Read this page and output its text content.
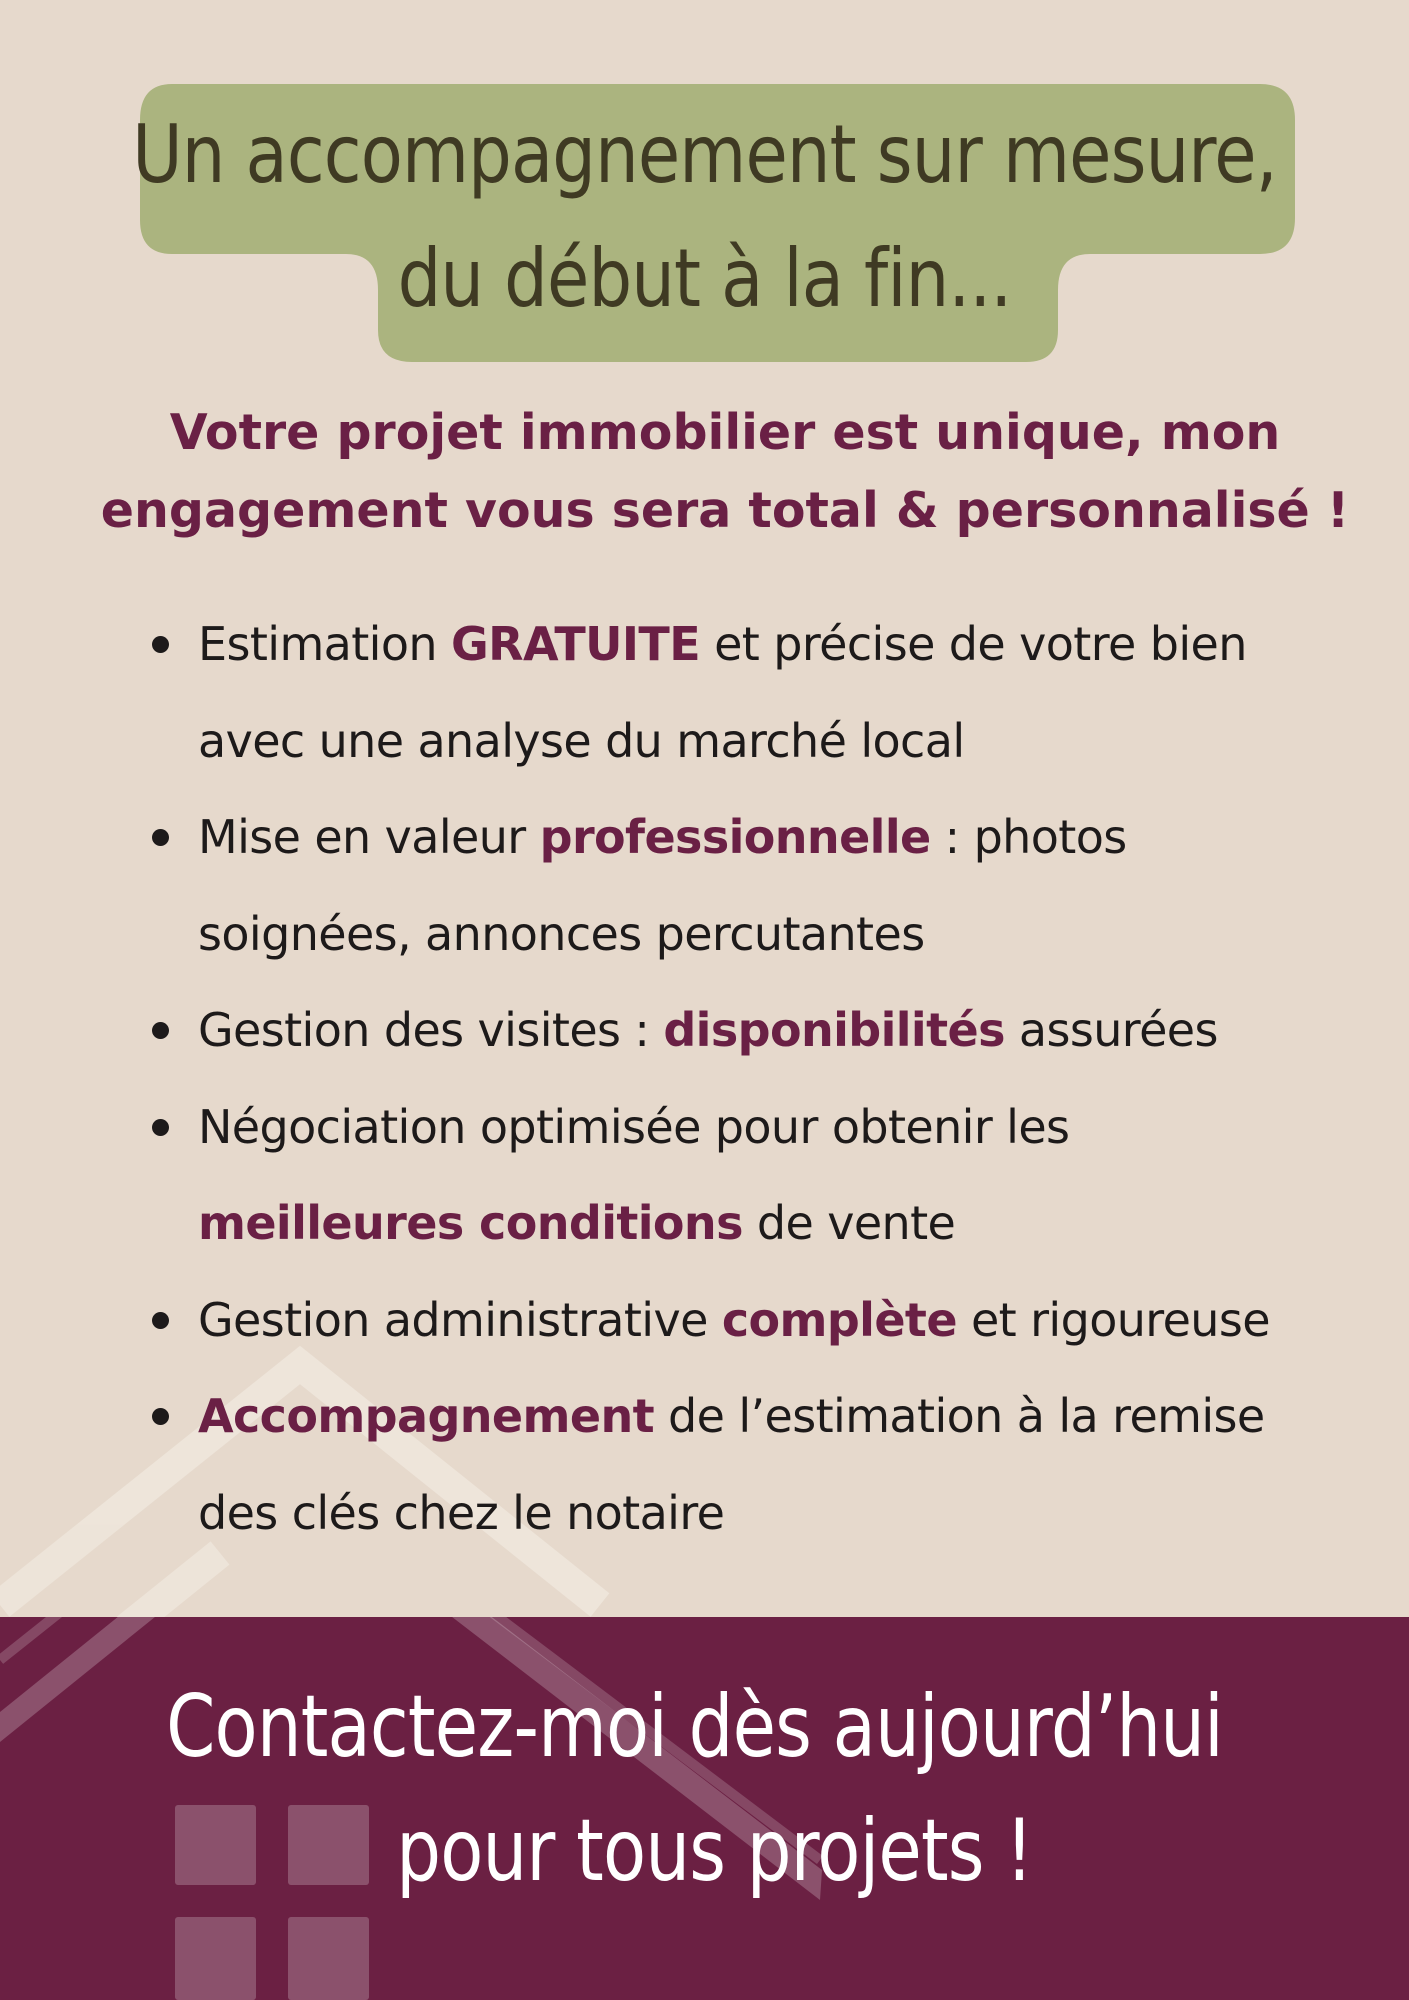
Un accompagnement sur mesure,
du début à la fin...
Votre projet immobilier est unique, mon
engagement vous sera total & personnalisé !
Estimation GRATUITE et précise de votre bien
avec une analyse du marché local
Mise en valeur professionnelle : photos
soignées, annonces percutantes
Gestion des visites : disponibilités assurées
Négociation optimisée pour obtenir les
meilleures conditions de vente
Gestion administrative complète et rigoureuse
Accompagnement de l’estimation à la remise
des clés chez le notaire
Contactez-moi dès aujourd’hui
pour tous projets !
